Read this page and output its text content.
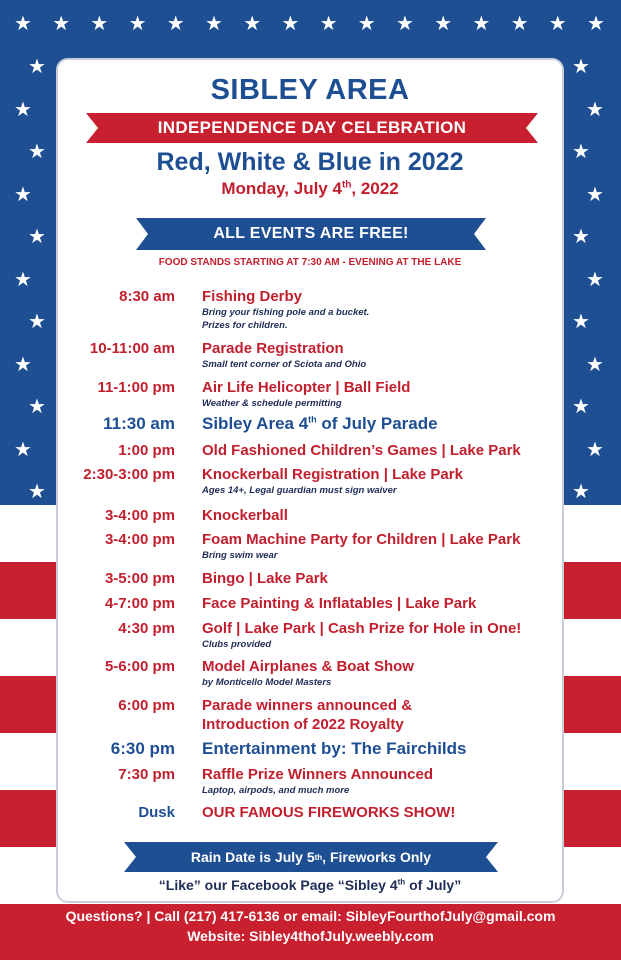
★ ★ ★ ★ ★ ★ ★ ★ ★ ★ ★ ★ ★ ★ ★ ★
★	★
★	★
★	★
★	★
★	★
★	★
★	★
★	★
★	★
★	★
★	★
SIBLEY AREA
INDEPENDENCE DAY CELEBRATION
Red, White & Blue in 2022
Monday, July 4th, 2022
ALL EVENTS ARE FREE!
FOOD STANDS STARTING AT 7:30 AM - EVENING AT THE LAKE
8:30 am Fishing Derby
Bring your fishing pole and a bucket.
Prizes for children.
10-11:00 am Parade Registration
Small tent corner of Sciota and Ohio
11-1:00 pm Air Life Helicopter | Ball Field
Weather & schedule permitting
11:30 am Sibley Area 4th of July Parade
1:00 pm Old Fashioned Children’s Games | Lake Park
2:30-3:00 pm Knockerball Registration | Lake Park
Ages 14+, Legal guardian must sign waiver
3-4:00 pm Knockerball
3-4:00 pm Foam Machine Party for Children | Lake Park
Bring swim wear
3-5:00 pm Bingo | Lake Park
4-7:00 pm Face Painting & Inflatables | Lake Park
4:30 pm Golf | Lake Park | Cash Prize for Hole in One!
Clubs provided
5-6:00 pm Model Airplanes & Boat Show
by Monticello Model Masters
6:00 pm Parade winners announced &
Introduction of 2022 Royalty
6:30 pm Entertainment by: The Fairchilds
7:30 pm Raffle Prize Winners Announced
Laptop, airpods, and much more
Dusk OUR FAMOUS FIREWORKS SHOW!
Rain Date is July 5 th , Fireworks Only
“Like” our Facebook Page “Sibley 4th of July”
Questions? | Call (217) 417-6136 or email: SibleyFourthofJuly@gmail.com
Website: Sibley4thofJuly.weebly.com
